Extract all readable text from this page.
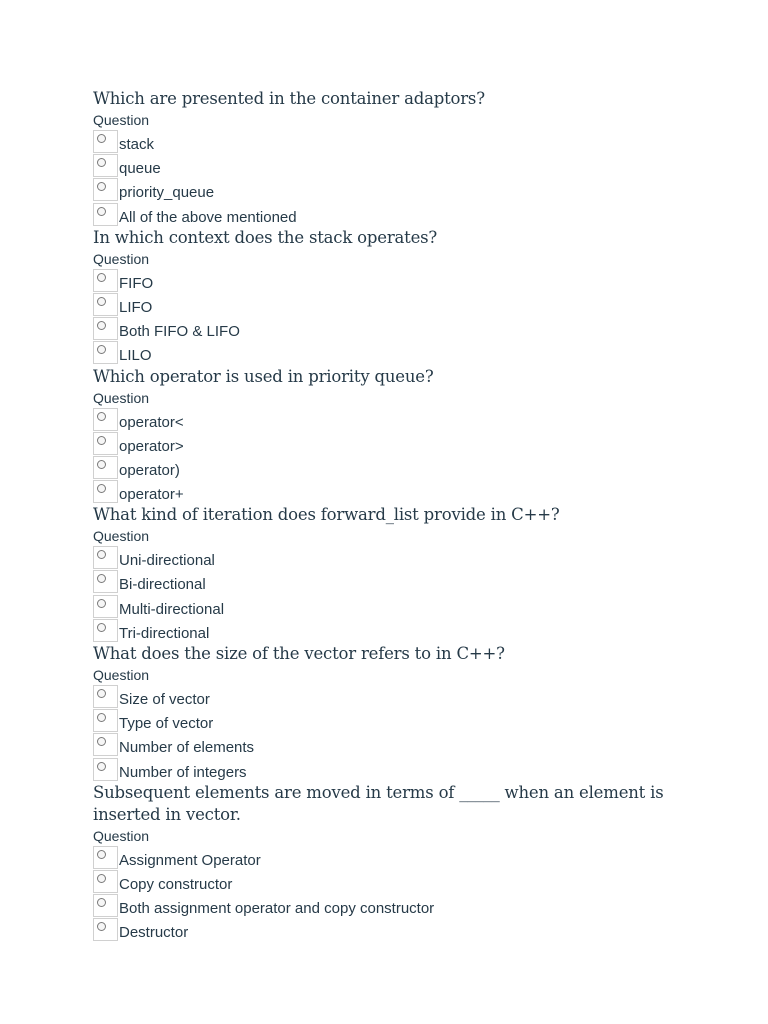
Which are presented in the container adaptors?

Question
stack
queue
priority_queue
All of the above mentioned

In which context does the stack operates?

Question
FIFO
LIFO
Both FIFO & LIFO
LILO

Which operator is used in priority queue?

Question
operator<
operator>
operator)
operator+

What kind of iteration does forward_list provide in C++?

Question
Uni-directional
Bi-directional
Multi-directional
Tri-directional

What does the size of the vector refers to in C++?

Question
Size of vector
Type of vector
Number of elements
Number of integers

Subsequent elements are moved in terms of _____ when an element is inserted in vector.

Question
Assignment Operator
Copy constructor
Both assignment operator and copy constructor
Destructor
